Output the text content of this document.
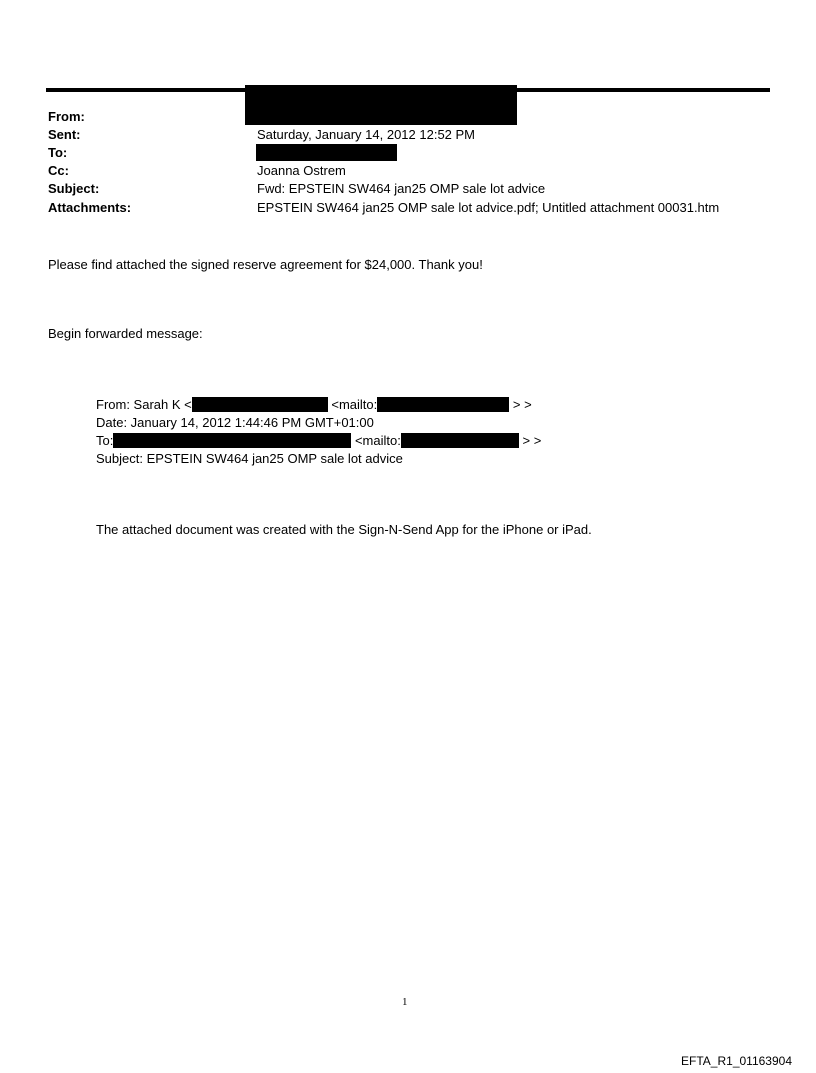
From:
Sent:	Saturday, January 14, 2012 12:52 PM
To:
Cc:	Joanna Ostrem
Subject:	Fwd: EPSTEIN SW464 jan25 OMP sale lot advice
Attachments:	EPSTEIN SW464 jan25 OMP sale lot advice.pdf; Untitled attachment 00031.htm
Please find attached the signed reserve agreement for $24,000. Thank you!
Begin forwarded message:
From: Sarah K <	<mailto:	> >
Date: January 14, 2012 1:44:46 PM GMT+01:00
To:	<mailto:	> >
Subject: EPSTEIN SW464 jan25 OMP sale lot advice
The attached document was created with the Sign-N-Send App for the iPhone or iPad.
1
EFTA_R1_01163904
